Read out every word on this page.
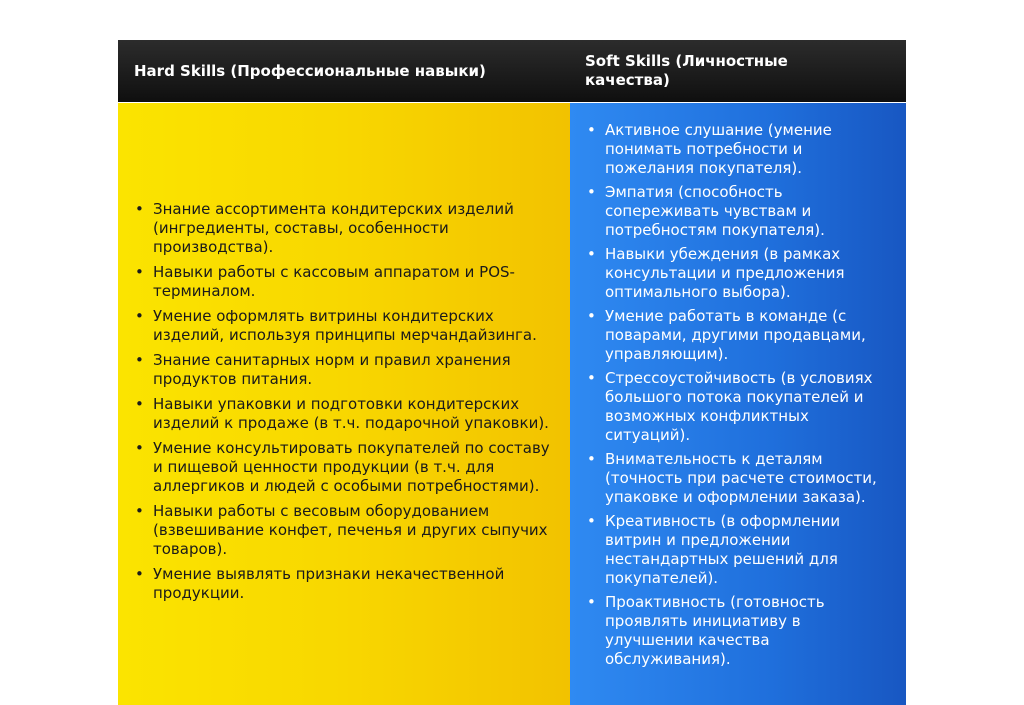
Hard Skills (Профессиональные навыки)
Soft Skills (Личностные качества)
• Знание ассортимента кондитерских изделий (ингредиенты, составы, особенности производства).
• Навыки работы с кассовым аппаратом и POS-терминалом.
• Умение оформлять витрины кондитерских изделий, используя принципы мерчандайзинга.
• Знание санитарных норм и правил хранения продуктов питания.
• Навыки упаковки и подготовки кондитерских изделий к продаже (в т.ч. подарочной упаковки).
• Умение консультировать покупателей по составу и пищевой ценности продукции (в т.ч. для аллергиков и людей с особыми потребностями).
• Навыки работы с весовым оборудованием (взвешивание конфет, печенья и других сыпучих товаров).
• Умение выявлять признаки некачественной продукции.
• Активное слушание (умение понимать потребности и пожелания покупателя).
• Эмпатия (способность сопереживать чувствам и потребностям покупателя).
• Навыки убеждения (в рамках консультации и предложения оптимального выбора).
• Умение работать в команде (с поварами, другими продавцами, управляющим).
• Стрессоустойчивость (в условиях большого потока покупателей и возможных конфликтных ситуаций).
• Внимательность к деталям (точность при расчете стоимости, упаковке и оформлении заказа).
• Креативность (в оформлении витрин и предложении нестандартных решений для покупателей).
• Проактивность (готовность проявлять инициативу в улучшении качества обслуживания).
